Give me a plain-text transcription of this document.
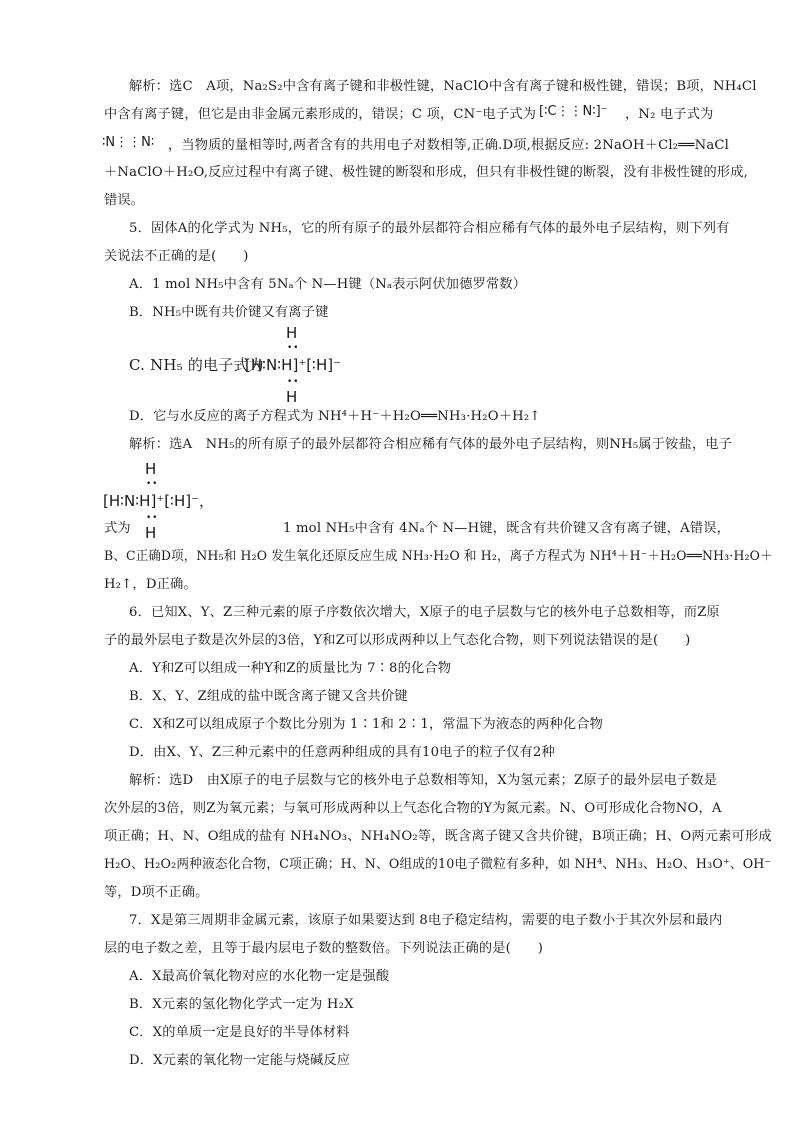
解析：选C　A项，Na₂S₂中含有离子键和非极性键，NaClO中含有离子键和极性键，错误；B项，NH₄Cl
中含有离子键，但它是由非金属元素形成的，错误；C 项，CN⁻电子式为 [∶C⋮⋮N∶]⁻ ，N₂ 电子式为
∶N⋮⋮N∶ ，当物质的量相等时,两者含有的共用电子对数相等,正确.D项,根据反应: 2NaOH＋Cl₂══NaCl
＋NaClO＋H₂O,反应过程中有离子键、极性键的断裂和形成，但只有非极性键的断裂，没有非极性键的形成,
错误。
5．固体A的化学式为 NH₅，它的所有原子的最外层都符合相应稀有气体的最外电子层结构，则下列有
关说法不正确的是(　　)
A．1 mol NH₅中含有 5Nₐ个 N—H键（Nₐ表示阿伏加德罗常数）
B．NH₅中既有共价键又有离子键
C. NH₅ 的电子式为
H
• •
[H∶N∶H]⁺[∶H]⁻
• •
H
D．它与水反应的离子方程式为 NH⁴＋H⁻＋H₂O══NH₃·H₂O＋H₂↑
解析：选A　NH₅的所有原子的最外层都符合相应稀有气体的最外电子层结构，则NH₅属于铵盐，电子
H
• •
[H∶N∶H]⁺[∶H]⁻，
• •
H
式为	1 mol NH₅中含有 4Nₐ个 N—H键，既含有共价键又含有离子键，A错误，
B、C正确D项，NH₅和 H₂O 发生氧化还原反应生成 NH₃·H₂O 和 H₂，离子方程式为 NH⁴＋H⁻＋H₂O══NH₃·H₂O＋
H₂↑，D正确。
6．已知X、Y、Z三种元素的原子序数依次增大，X原子的电子层数与它的核外电子总数相等，而Z原
子的最外层电子数是次外层的3倍，Y和Z可以形成两种以上气态化合物，则下列说法错误的是(　　)
A．Y和Z可以组成一种Y和Z的质量比为 7∶8的化合物
B．X、Y、Z组成的盐中既含离子键又含共价键
C．X和Z可以组成原子个数比分别为 1∶1和 2∶1，常温下为液态的两种化合物
D．由X、Y、Z三种元素中的任意两种组成的具有10电子的粒子仅有2种
解析：选D　由X原子的电子层数与它的核外电子总数相等知，X为氢元素；Z原子的最外层电子数是
次外层的3倍，则Z为氧元素；与氧可形成两种以上气态化合物的Y为氮元素。N、O可形成化合物NO，A
项正确；H、N、O组成的盐有 NH₄NO₃、NH₄NO₂等，既含离子键又含共价键，B项正确；H、O两元素可形成
H₂O、H₂O₂两种液态化合物，C项正确；H、N、O组成的10电子微粒有多种，如 NH⁴、NH₃、H₂O、H₃O⁺、OH⁻
等，D项不正确。
7．X是第三周期非金属元素，该原子如果要达到 8电子稳定结构，需要的电子数小于其次外层和最内
层的电子数之差，且等于最内层电子数的整数倍。下列说法正确的是(　　)
A．X最高价氧化物对应的水化物一定是强酸
B．X元素的氢化物化学式一定为 H₂X
C．X的单质一定是良好的半导体材料
D．X元素的氧化物一定能与烧碱反应
